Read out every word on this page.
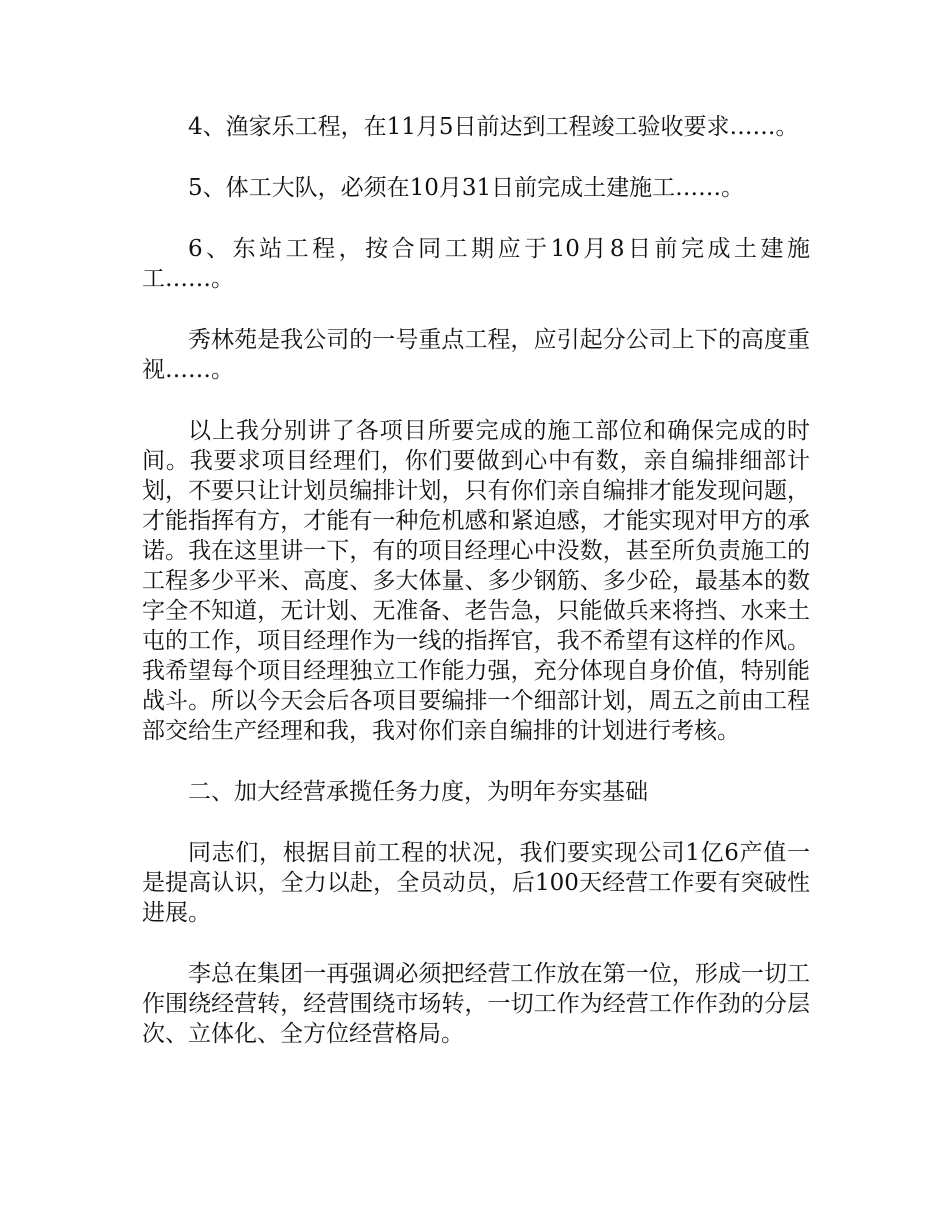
4、渔家乐工程，在11月5日前达到工程竣工验收要求……。

5、体工大队，必须在10月31日前完成土建施工……。

6、东站工程，按合同工期应于10月8日前完成土建施工……。

秀林苑是我公司的一号重点工程，应引起分公司上下的高度重视……。

以上我分别讲了各项目所要完成的施工部位和确保完成的时间。我要求项目经理们，你们要做到心中有数，亲自编排细部计划，不要只让计划员编排计划，只有你们亲自编排才能发现问题，才能指挥有方，才能有一种危机感和紧迫感，才能实现对甲方的承诺。我在这里讲一下，有的项目经理心中没数，甚至所负责施工的工程多少平米、高度、多大体量、多少钢筋、多少砼，最基本的数字全不知道，无计划、无准备、老告急，只能做兵来将挡、水来土屯的工作，项目经理作为一线的指挥官，我不希望有这样的作风。我希望每个项目经理独立工作能力强，充分体现自身价值，特别能战斗。所以今天会后各项目要编排一个细部计划，周五之前由工程部交给生产经理和我，我对你们亲自编排的计划进行考核。

二、加大经营承揽任务力度，为明年夯实基础

同志们，根据目前工程的状况，我们要实现公司1亿6产值一是提高认识，全力以赴，全员动员，后100天经营工作要有突破性进展。

李总在集团一再强调必须把经营工作放在第一位，形成一切工作围绕经营转，经营围绕市场转，一切工作为经营工作作劲的分层次、立体化、全方位经营格局。
